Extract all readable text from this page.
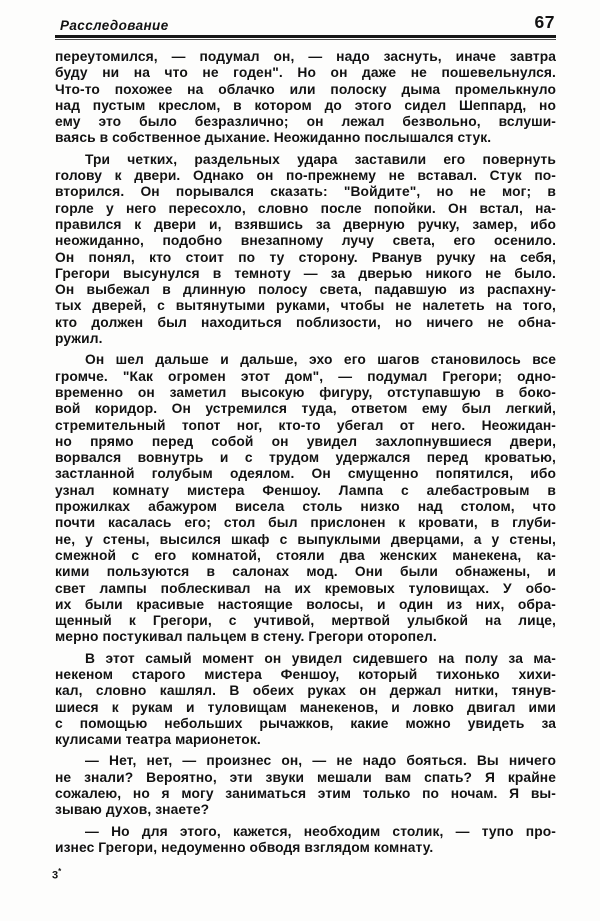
Расследование	67
переутомился, — подумал он, — надо заснуть, иначе завтра
буду ни на что не годен". Но он даже не пошевельнулся.
Что-то похожее на облачко или полоску дыма промелькнуло
над пустым креслом, в котором до этого сидел Шеппард, но
ему это было безразлично; он лежал безвольно, вслуши-
ваясь в собственное дыхание. Неожиданно послышался стук.
Три четких, раздельных удара заставили его повернуть
голову к двери. Однако он по-прежнему не вставал. Стук по-
вторился. Он порывался сказать: "Войдите", но не мог; в
горле у него пересохло, словно после попойки. Он встал, на-
правился к двери и, взявшись за дверную ручку, замер, ибо
неожиданно, подобно внезапному лучу света, его осенило.
Он понял, кто стоит по ту сторону. Рванув ручку на себя,
Грегори высунулся в темноту — за дверью никого не было.
Он выбежал в длинную полосу света, падавшую из распахну-
тых дверей, с вытянутыми руками, чтобы не налететь на того,
кто должен был находиться поблизости, но ничего не обна-
ружил.
Он шел дальше и дальше, эхо его шагов становилось все
громче. "Как огромен этот дом", — подумал Грегори; одно-
временно он заметил высокую фигуру, отступавшую в боко-
вой коридор. Он устремился туда, ответом ему был легкий,
стремительный топот ног, кто-то убегал от него. Неожидан-
но прямо перед собой он увидел захлопнувшиеся двери,
ворвался вовнутрь и с трудом удержался перед кроватью,
застланной голубым одеялом. Он смущенно попятился, ибо
узнал комнату мистера Феншоу. Лампа с алебастровым в
прожилках абажуром висела столь низко над столом, что
почти касалась его; стол был прислонен к кровати, в глуби-
не, у стены, высился шкаф с выпуклыми дверцами, а у стены,
смежной с его комнатой, стояли два женских манекена, ка-
кими пользуются в салонах мод. Они были обнажены, и
свет лампы поблескивал на их кремовых туловищах. У обо-
их были красивые настоящие волосы, и один из них, обра-
щенный к Грегори, с учтивой, мертвой улыбкой на лице,
мерно постукивал пальцем в стену. Грегори оторопел.
В этот самый момент он увидел сидевшего на полу за ма-
некеном старого мистера Феншоу, который тихонько хихи-
кал, словно кашлял. В обеих руках он держал нитки, тянув-
шиеся к рукам и туловищам манекенов, и ловко двигал ими
с помощью небольших рычажков, какие можно увидеть за
кулисами театра марионеток.
— Нет, нет, — произнес он, — не надо бояться. Вы ничего
не знали? Вероятно, эти звуки мешали вам спать? Я крайне
сожалею, но я могу заниматься этим только по ночам. Я вы-
зываю духов, знаете?
— Но для этого, кажется, необходим столик, — тупо про-
изнес Грегори, недоуменно обводя взглядом комнату.
3*
